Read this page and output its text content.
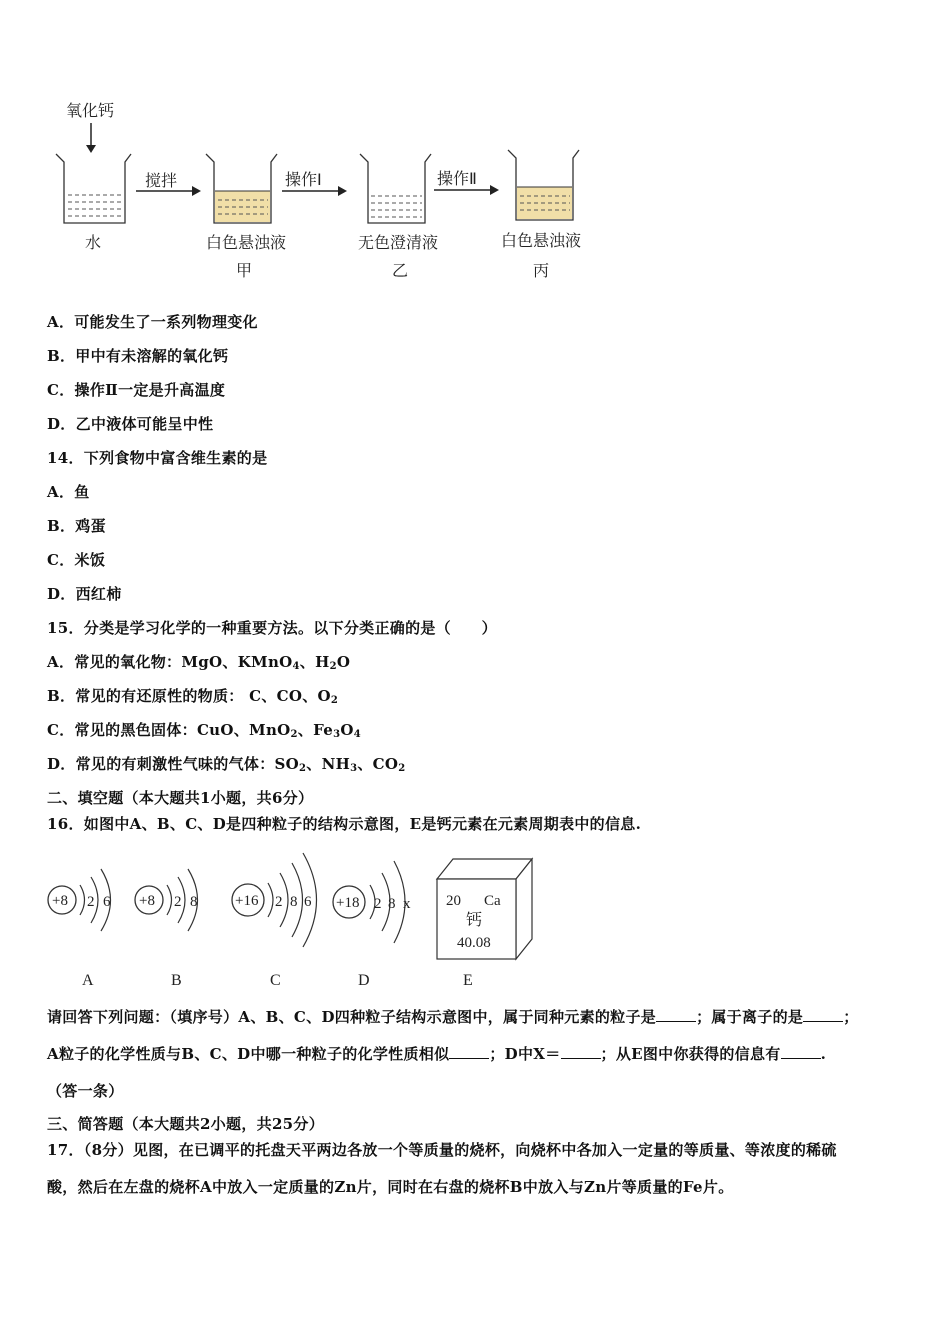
氧化钙
水
搅拌
白色悬浊液
甲
操作Ⅰ
无色澄清液
乙
操作Ⅱ
白色悬浊液
丙
A．可能发生了一系列物理变化
B．甲中有未溶解的氧化钙
C．操作Ⅱ一定是升高温度
D．乙中液体可能呈中性
14．下列食物中富含维生素的是
A．鱼
B．鸡蛋
C．米饭
D．西红柿
15．分类是学习化学的一种重要方法。以下分类正确的是（　　）
A．常见的氧化物：MgO、KMnO$_4$、$H_2O$
B．常见的有还原性的物质： C、CO、$O_2$
C．常见的黑色固体：CuO、MnO$_2$、$Fe_3O_4$
D．常见的有刺激性气味的气体：$SO_2$、$NH_3$、$CO_2$
二、填空题（本大题共1小题，共6分）
16．如图中A、B、C、D是四种粒子的结构示意图，E是钙元素在元素周期表中的信息.
+8 2 6
A
+8 2 8
B
+16 2 8 6
C
+18 2 8 x
D
20 Ca
钙
40.08
E
请回答下列问题：（填序号）A、B、C、D四种粒子结构示意图中，属于同种元素的粒子是	；属于离子的是	；
A粒子的化学性质与B、C、D中哪一种粒子的化学性质相似	；D中X＝	；从E图中你获得的信息有	.
（答一条）
三、简答题（本大题共2小题，共25分）
17．（8分）见图，在已调平的托盘天平两边各放一个等质量的烧杯，向烧杯中各加入一定量的等质量、等浓度的稀硫
酸，然后在左盘的烧杯A中放入一定质量的Zn片，同时在右盘的烧杯B中放入与Zn片等质量的Fe片。
